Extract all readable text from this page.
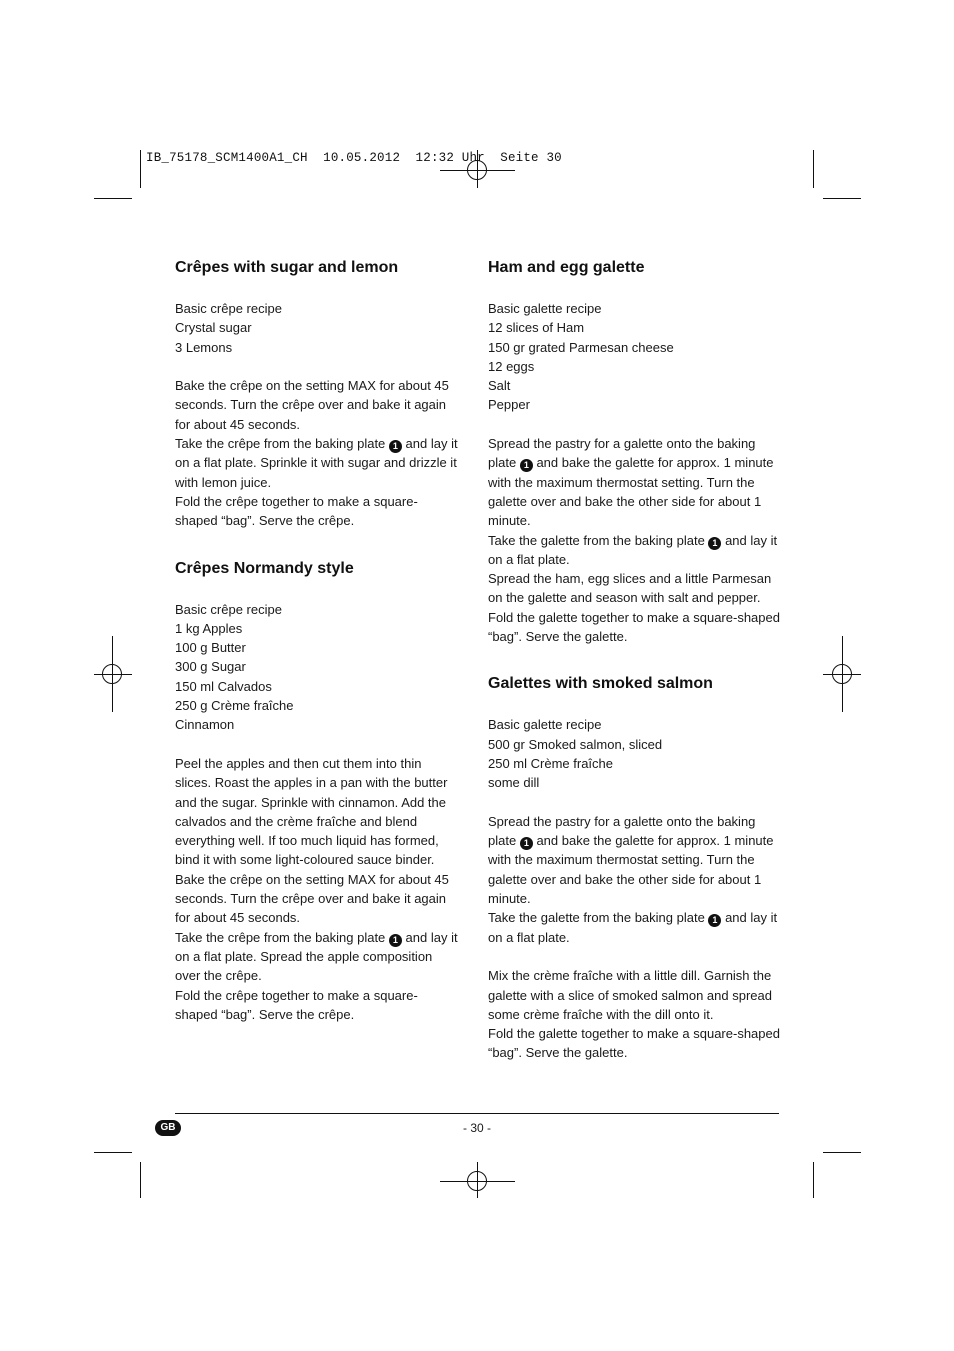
IB_75178_SCM1400A1_CH  10.05.2012  12:32 Uhr  Seite 30
Crêpes with sugar and lemon
Basic crêpe recipe
Crystal sugar
3 Lemons

Bake the crêpe on the setting MAX for about 45 seconds. Turn the crêpe over and bake it again for about 45 seconds.

Take the crêpe from the baking plate 1 and lay it on a flat plate. Sprinkle it with sugar and drizzle it with lemon juice.

Fold the crêpe together to make a square-shaped “bag”. Serve the crêpe.

Crêpes Normandy style
Basic crêpe recipe
1 kg Apples
100 g Butter
300 g Sugar
150 ml Calvados
250 g Crème fraîche
Cinnamon

Peel the apples and then cut them into thin slices. Roast the apples in a pan with the butter and the sugar. Sprinkle with cinnamon. Add the calvados and the crème fraîche and blend everything well. If too much liquid has formed, bind it with some light-coloured sauce binder. Bake the crêpe on the setting MAX for about 45 seconds. Turn the crêpe over and bake it again for about 45 seconds.

Take the crêpe from the baking plate 1 and lay it on a flat plate. Spread the apple composition over the crêpe.

Fold the crêpe together to make a square-shaped “bag”. Serve the crêpe.

Ham and egg galette
Basic galette recipe
12 slices of Ham
150 gr grated Parmesan cheese
12 eggs
Salt
Pepper

Spread the pastry for a galette onto the baking plate 1 and bake the galette for approx. 1 minute with the maximum thermostat setting. Turn the galette over and bake the other side for about 1 minute.

Take the galette from the baking plate 1 and lay it on a flat plate.

Spread the ham, egg slices and a little Parmesan on the galette and season with salt and pepper.

Fold the galette together to make a square-shaped “bag”. Serve the galette.

Galettes with smoked salmon
Basic galette recipe
500 gr Smoked salmon, sliced
250 ml Crème fraîche
some dill

Spread the pastry for a galette onto the baking plate 1 and bake the galette for approx. 1 minute with the maximum thermostat setting. Turn the galette over and bake the other side for about 1 minute.

Take the galette from the baking plate 1 and lay it on a flat plate.

Mix the crème fraîche with a little dill. Garnish the galette with a slice of smoked salmon and spread some crème fraîche with the dill onto it.

Fold the galette together to make a square-shaped “bag”. Serve the galette.

GB	- 30 -
